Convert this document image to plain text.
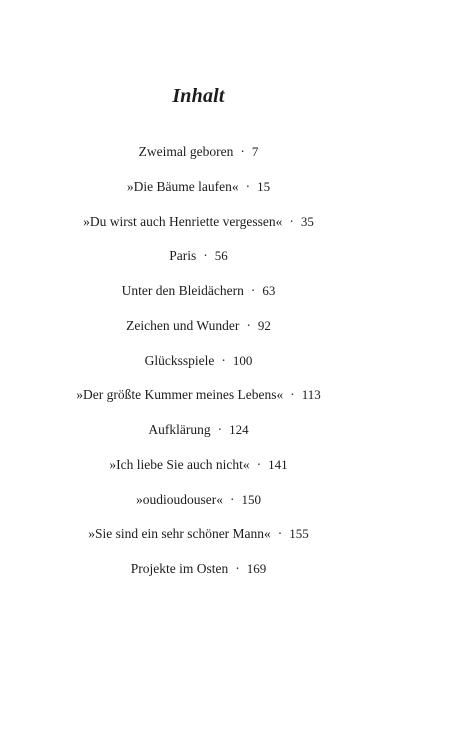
Inhalt
Zweimal geboren · 7
»Die Bäume laufen« · 15
»Du wirst auch Henriette vergessen« · 35
Paris · 56
Unter den Bleidächern · 63
Zeichen und Wunder · 92
Glücksspiele · 100
»Der größte Kummer meines Lebens« · 113
Aufklärung · 124
»Ich liebe Sie auch nicht« · 141
»oudioudouser« · 150
»Sie sind ein sehr schöner Mann« · 155
Projekte im Osten · 169
